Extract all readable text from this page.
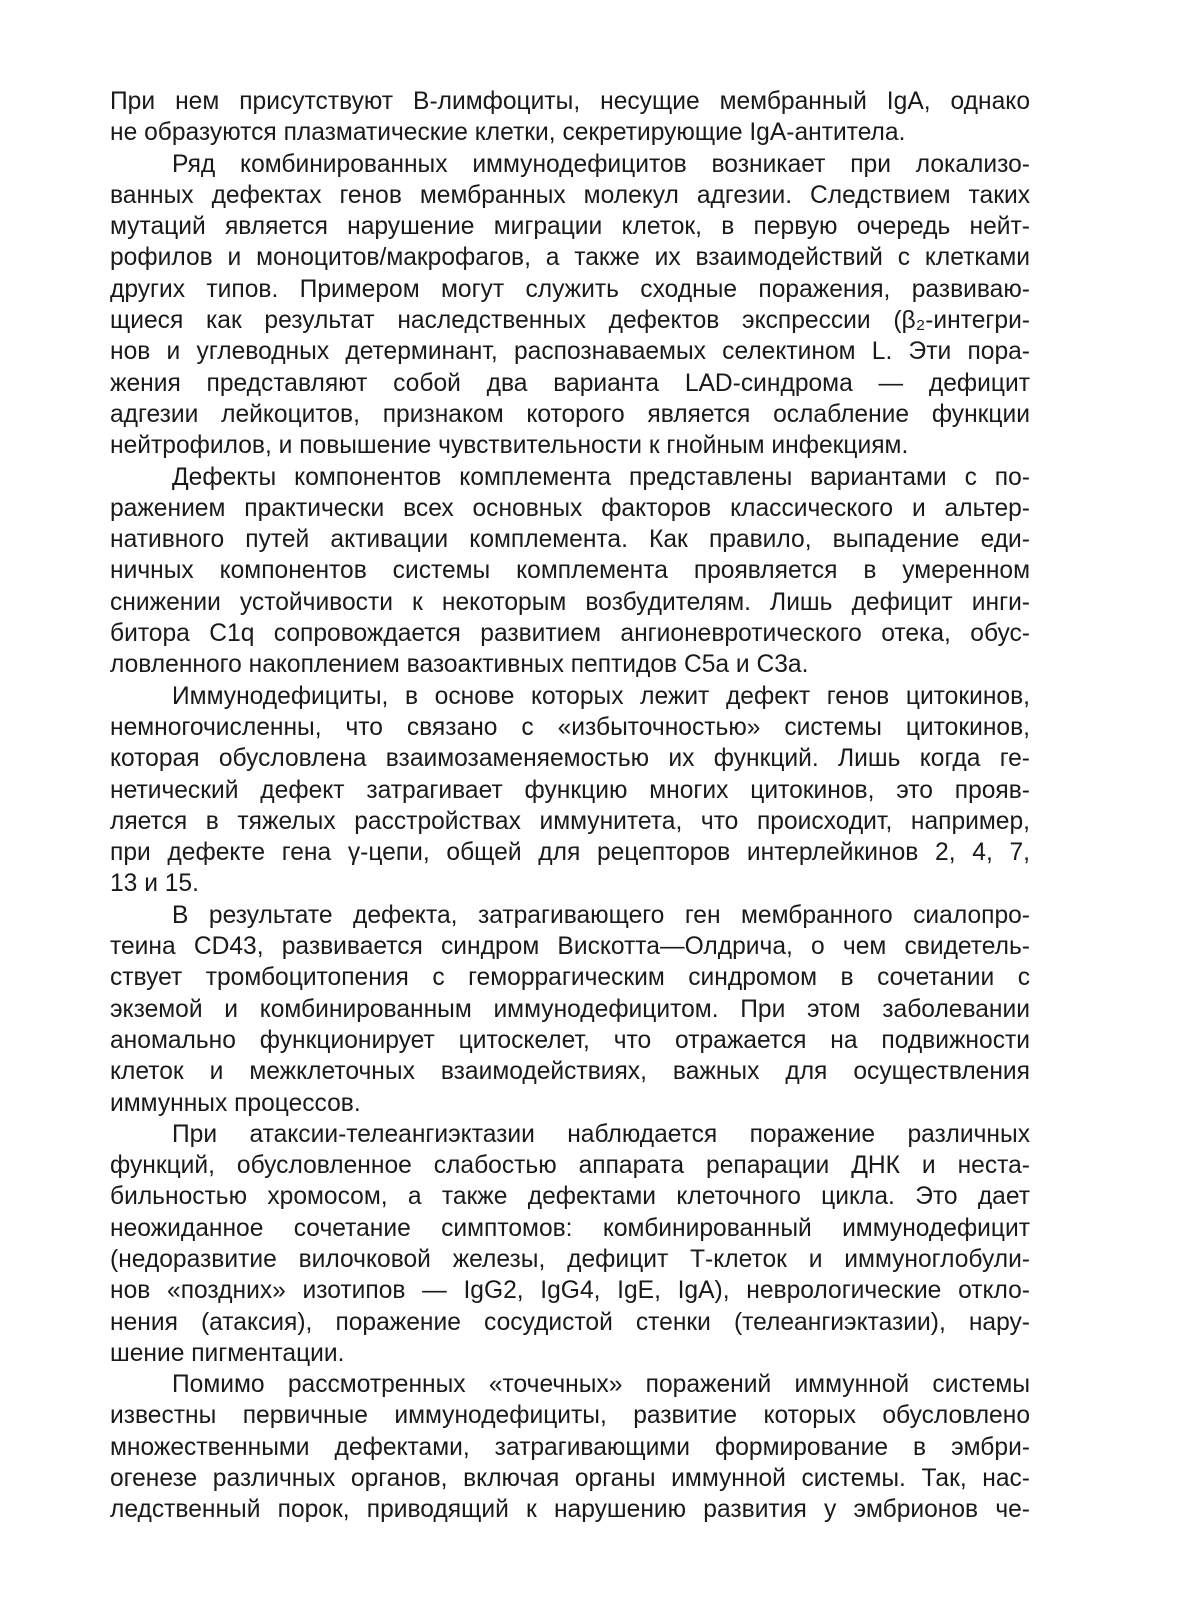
При нем присутствуют В-лимфоциты, несущие мембранный IgA, однако
не образуются плазматические клетки, секретирующие IgA-антитела.
Ряд комбинированных иммунодефицитов возникает при локализо-
ванных дефектах генов мембранных молекул адгезии. Следствием таких
мутаций является нарушение миграции клеток, в первую очередь нейт-
рофилов и моноцитов/макрофагов, а также их взаимодействий с клетками
других типов. Примером могут служить сходные поражения, развиваю-
щиеся как результат наследственных дефектов экспрессии (β₂-интегри-
нов и углеводных детерминант, распознаваемых селектином L. Эти пора-
жения представляют собой два варианта LAD-синдрома — дефицит
адгезии лейкоцитов, признаком которого является ослабление функции
нейтрофилов, и повышение чувствительности к гнойным инфекциям.
Дефекты компонентов комплемента представлены вариантами с по-
ражением практически всех основных факторов классического и альтер-
нативного путей активации комплемента. Как правило, выпадение еди-
ничных компонентов системы комплемента проявляется в умеренном
снижении устойчивости к некоторым возбудителям. Лишь дефицит инги-
битора C1q сопровождается развитием ангионевротического отека, обус-
ловленного накоплением вазоактивных пептидов C5a и C3a.
Иммунодефициты, в основе которых лежит дефект генов цитокинов,
немногочисленны, что связано с «избыточностью» системы цитокинов,
которая обусловлена взаимозаменяемостью их функций. Лишь когда ге-
нетический дефект затрагивает функцию многих цитокинов, это прояв-
ляется в тяжелых расстройствах иммунитета, что происходит, например,
при дефекте гена γ-цепи, общей для рецепторов интерлейкинов 2, 4, 7,
13 и 15.
В результате дефекта, затрагивающего ген мембранного сиалопро-
теина CD43, развивается синдром Вискотта—Олдрича, о чем свидетель-
ствует тромбоцитопения с геморрагическим синдромом в сочетании с
экземой и комбинированным иммунодефицитом. При этом заболевании
аномально функционирует цитоскелет, что отражается на подвижности
клеток и межклеточных взаимодействиях, важных для осуществления
иммунных процессов.
При атаксии-телеангиэктазии наблюдается поражение различных
функций, обусловленное слабостью аппарата репарации ДНК и неста-
бильностью хромосом, а также дефектами клеточного цикла. Это дает
неожиданное сочетание симптомов: комбинированный иммунодефицит
(недоразвитие вилочковой железы, дефицит Т-клеток и иммуноглобули-
нов «поздних» изотипов — IgG2, IgG4, IgE, IgA), неврологические откло-
нения (атаксия), поражение сосудистой стенки (телеангиэктазии), нару-
шение пигментации.
Помимо рассмотренных «точечных» поражений иммунной системы
известны первичные иммунодефициты, развитие которых обусловлено
множественными дефектами, затрагивающими формирование в эмбри-
огенезе различных органов, включая органы иммунной системы. Так, нас-
ледственный порок, приводящий к нарушению развития у эмбрионов че-
